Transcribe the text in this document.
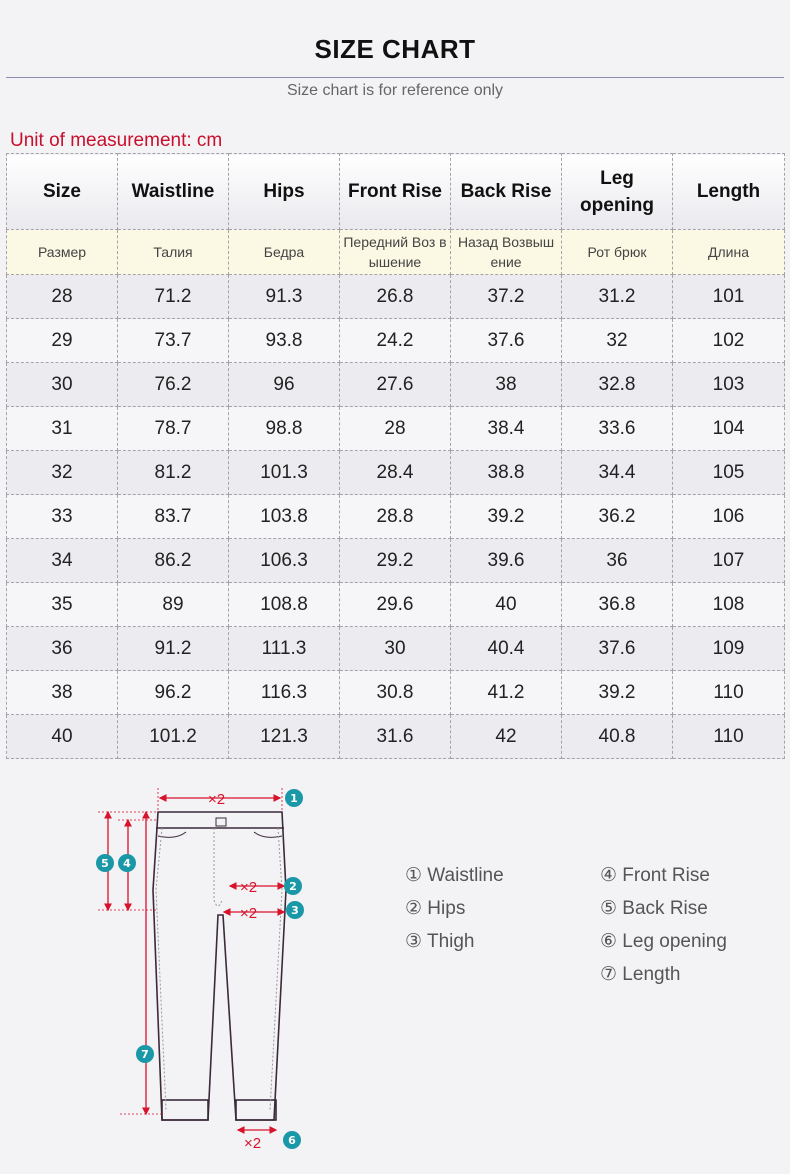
SIZE CHART
Size chart is for reference only
Unit of measurement: cm
Size	Waistline	Hips	Front Rise	Back Rise	Leg opening	Length
Размер	Талия	Бедра	Передний Воз вышение	Назад Возвыш ение	Рот брюк	Длина
28	71.2	91.3	26.8	37.2	31.2	101
29	73.7	93.8	24.2	37.6	32	102
30	76.2	96	27.6	38	32.8	103
31	78.7	98.8	28	38.4	33.6	104
32	81.2	101.3	28.4	38.8	34.4	105
33	83.7	103.8	28.8	39.2	36.2	106
34	86.2	106.3	29.2	39.6	36	107
35	89	108.8	29.6	40	36.8	108
36	91.2	111.3	30	40.4	37.6	109
38	96.2	116.3	30.8	41.2	39.2	110
40	101.2	121.3	31.6	42	40.8	110
×2
×2
×2
×2
1
2
3
4
5
6
7
① Waistline
② Hips
③ Thigh
④ Front Rise
⑤ Back Rise
⑥ Leg opening
⑦ Length
